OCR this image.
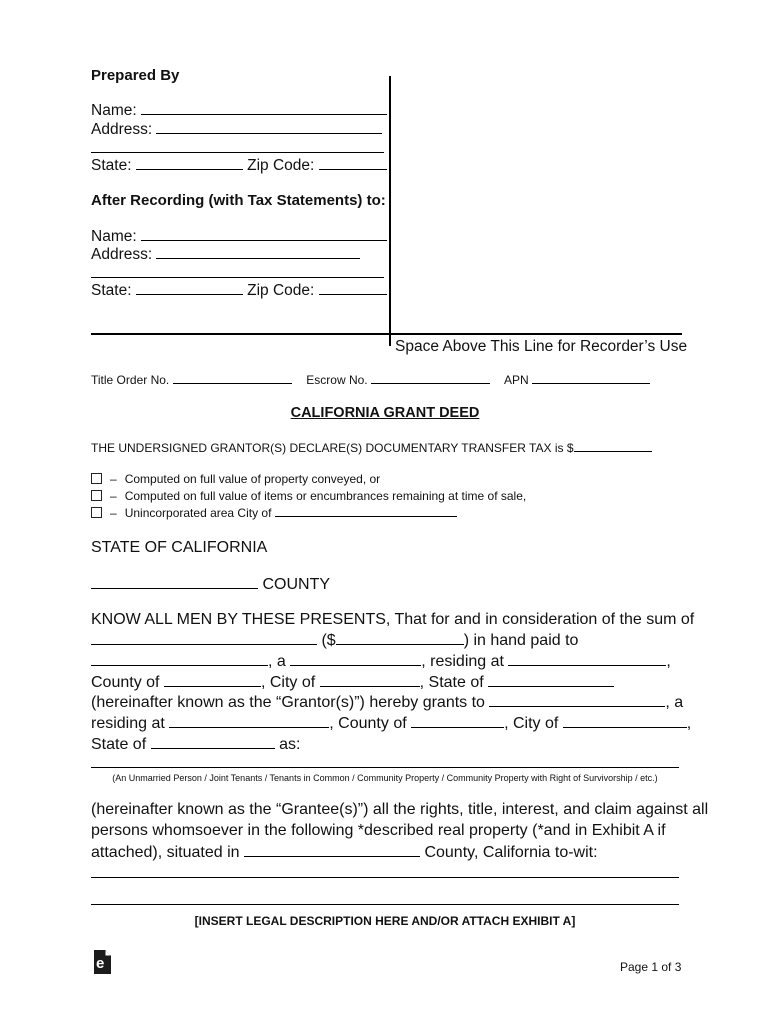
Prepared By
Name:
Address:
State:	Zip Code:
After Recording (with Tax Statements) to:
Name:
Address:
State:	Zip Code:
Space Above This Line for Recorder’s Use
Title Order No.	Escrow No.	APN
CALIFORNIA GRANT DEED
THE UNDERSIGNED GRANTOR(S) DECLARE(S) DOCUMENTARY TRANSFER TAX is $
– Computed on full value of property conveyed, or
– Computed on full value of items or encumbrances remaining at time of sale,
– Unincorporated area City of
STATE OF CALIFORNIA
COUNTY
KNOW ALL MEN BY THESE PRESENTS, That for and in consideration of the sum of
($	) in hand paid to
, a	, residing at	,
County of	, City of	, State of
(hereinafter known as the “Grantor(s)”) hereby grants to	, a
residing at	, County of	, City of	,
State of	as:
(An Unmarried Person / Joint Tenants / Tenants in Common / Community Property / Community Property with Right of Survivorship / etc.)
(hereinafter known as the “Grantee(s)”) all the rights, title, interest, and claim against all
persons whomsoever in the following *described real property (*and in Exhibit A if
attached), situated in	County, California to-wit:
[INSERT LEGAL DESCRIPTION HERE AND/OR ATTACH EXHIBIT A]
e	Page 1 of 3
